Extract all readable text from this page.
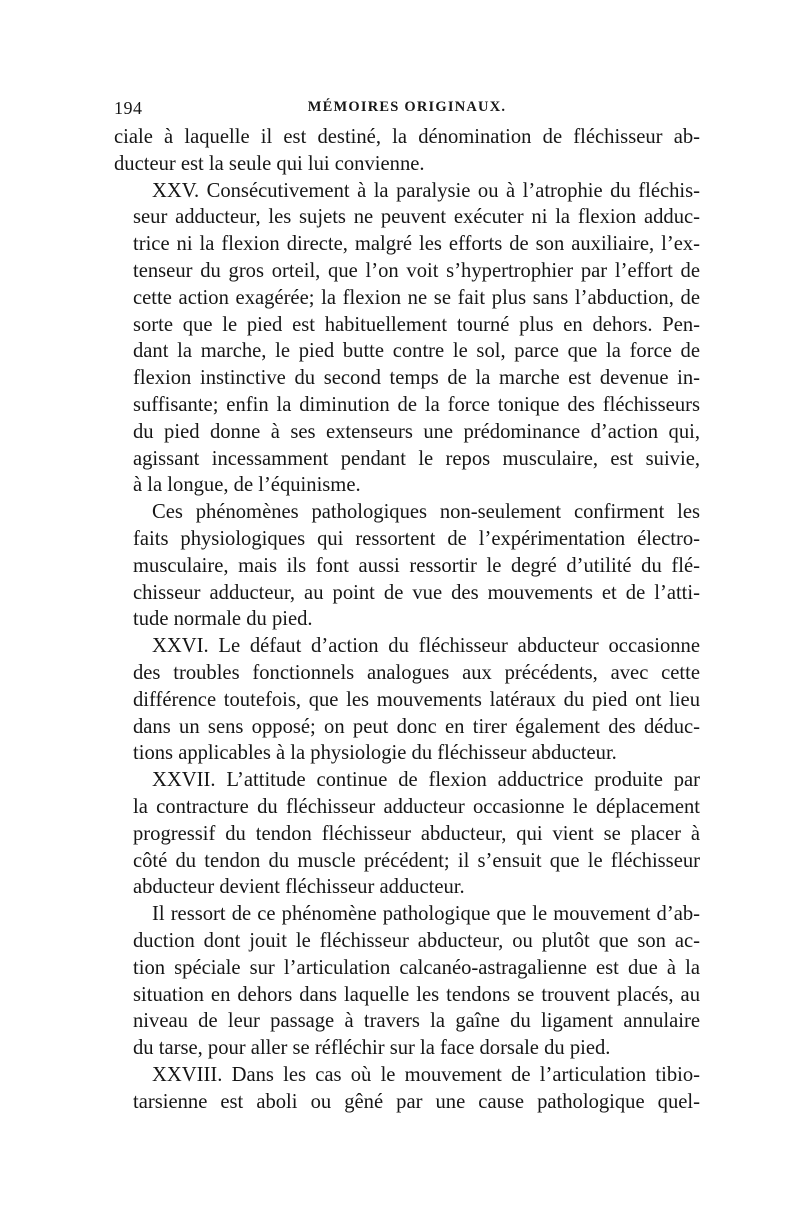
194	MÉMOIRES ORIGINAUX.
ciale à laquelle il est destiné, la dénomination de fléchisseur ab-
ducteur est la seule qui lui convienne.
XXV. Consécutivement à la paralysie ou à l’atrophie du fléchis-
seur adducteur, les sujets ne peuvent exécuter ni la flexion adduc-
trice ni la flexion directe, malgré les efforts de son auxiliaire, l’ex-
tenseur du gros orteil, que l’on voit s’hypertrophier par l’effort de
cette action exagérée; la flexion ne se fait plus sans l’abduction, de
sorte que le pied est habituellement tourné plus en dehors. Pen-
dant la marche, le pied butte contre le sol, parce que la force de
flexion instinctive du second temps de la marche est devenue in-
suffisante; enfin la diminution de la force tonique des fléchisseurs
du pied donne à ses extenseurs une prédominance d’action qui,
agissant incessamment pendant le repos musculaire, est suivie,
à la longue, de l’équinisme.
Ces phénomènes pathologiques non-seulement confirment les
faits physiologiques qui ressortent de l’expérimentation électro-
musculaire, mais ils font aussi ressortir le degré d’utilité du flé-
chisseur adducteur, au point de vue des mouvements et de l’atti-
tude normale du pied.
XXVI. Le défaut d’action du fléchisseur abducteur occasionne
des troubles fonctionnels analogues aux précédents, avec cette
différence toutefois, que les mouvements latéraux du pied ont lieu
dans un sens opposé; on peut donc en tirer également des déduc-
tions applicables à la physiologie du fléchisseur abducteur.
XXVII. L’attitude continue de flexion adductrice produite par
la contracture du fléchisseur adducteur occasionne le déplacement
progressif du tendon fléchisseur abducteur, qui vient se placer à
côté du tendon du muscle précédent; il s’ensuit que le fléchisseur
abducteur devient fléchisseur adducteur.
Il ressort de ce phénomène pathologique que le mouvement d’ab-
duction dont jouit le fléchisseur abducteur, ou plutôt que son ac-
tion spéciale sur l’articulation calcanéo-astragalienne est due à la
situation en dehors dans laquelle les tendons se trouvent placés, au
niveau de leur passage à travers la gaîne du ligament annulaire
du tarse, pour aller se réfléchir sur la face dorsale du pied.
XXVIII. Dans les cas où le mouvement de l’articulation tibio-
tarsienne est aboli ou gêné par une cause pathologique quel-
